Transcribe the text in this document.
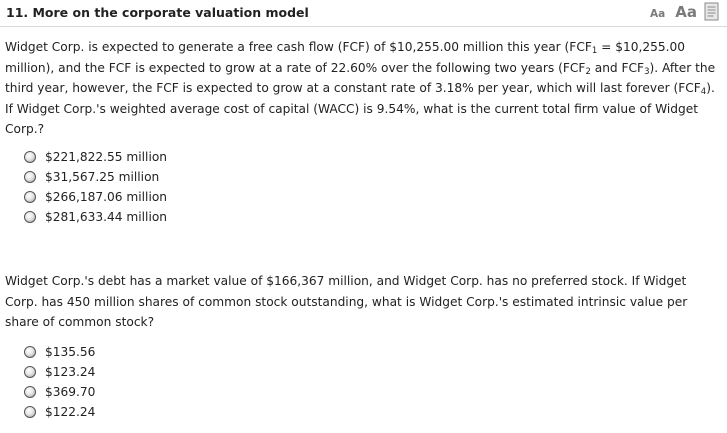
11. More on the corporate valuation model	Aa Aa
Widget Corp. is expected to generate a free cash flow (FCF) of $10,255.00 million this year ($FCF_1$ = $10,255.00 million), and the FCF is expected to grow at a rate of 22.60% over the following two years ($FCF_2$ and $FCF_3$). After the third year, however, the FCF is expected to grow at a constant rate of 3.18% per year, which will last forever $(FCF_4)$. If Widget Corp.'s weighted average cost of capital (WACC) is 9.54%, what is the current total firm value of Widget Corp.?
$221,822.55 million
$31,567.25 million
$266,187.06 million
$281,633.44 million
Widget Corp.'s debt has a market value of $166,367 million, and Widget Corp. has no preferred stock. If Widget Corp. has 450 million shares of common stock outstanding, what is Widget Corp.'s estimated intrinsic value per share of common stock?
$135.56
$123.24
$369.70
$122.24
